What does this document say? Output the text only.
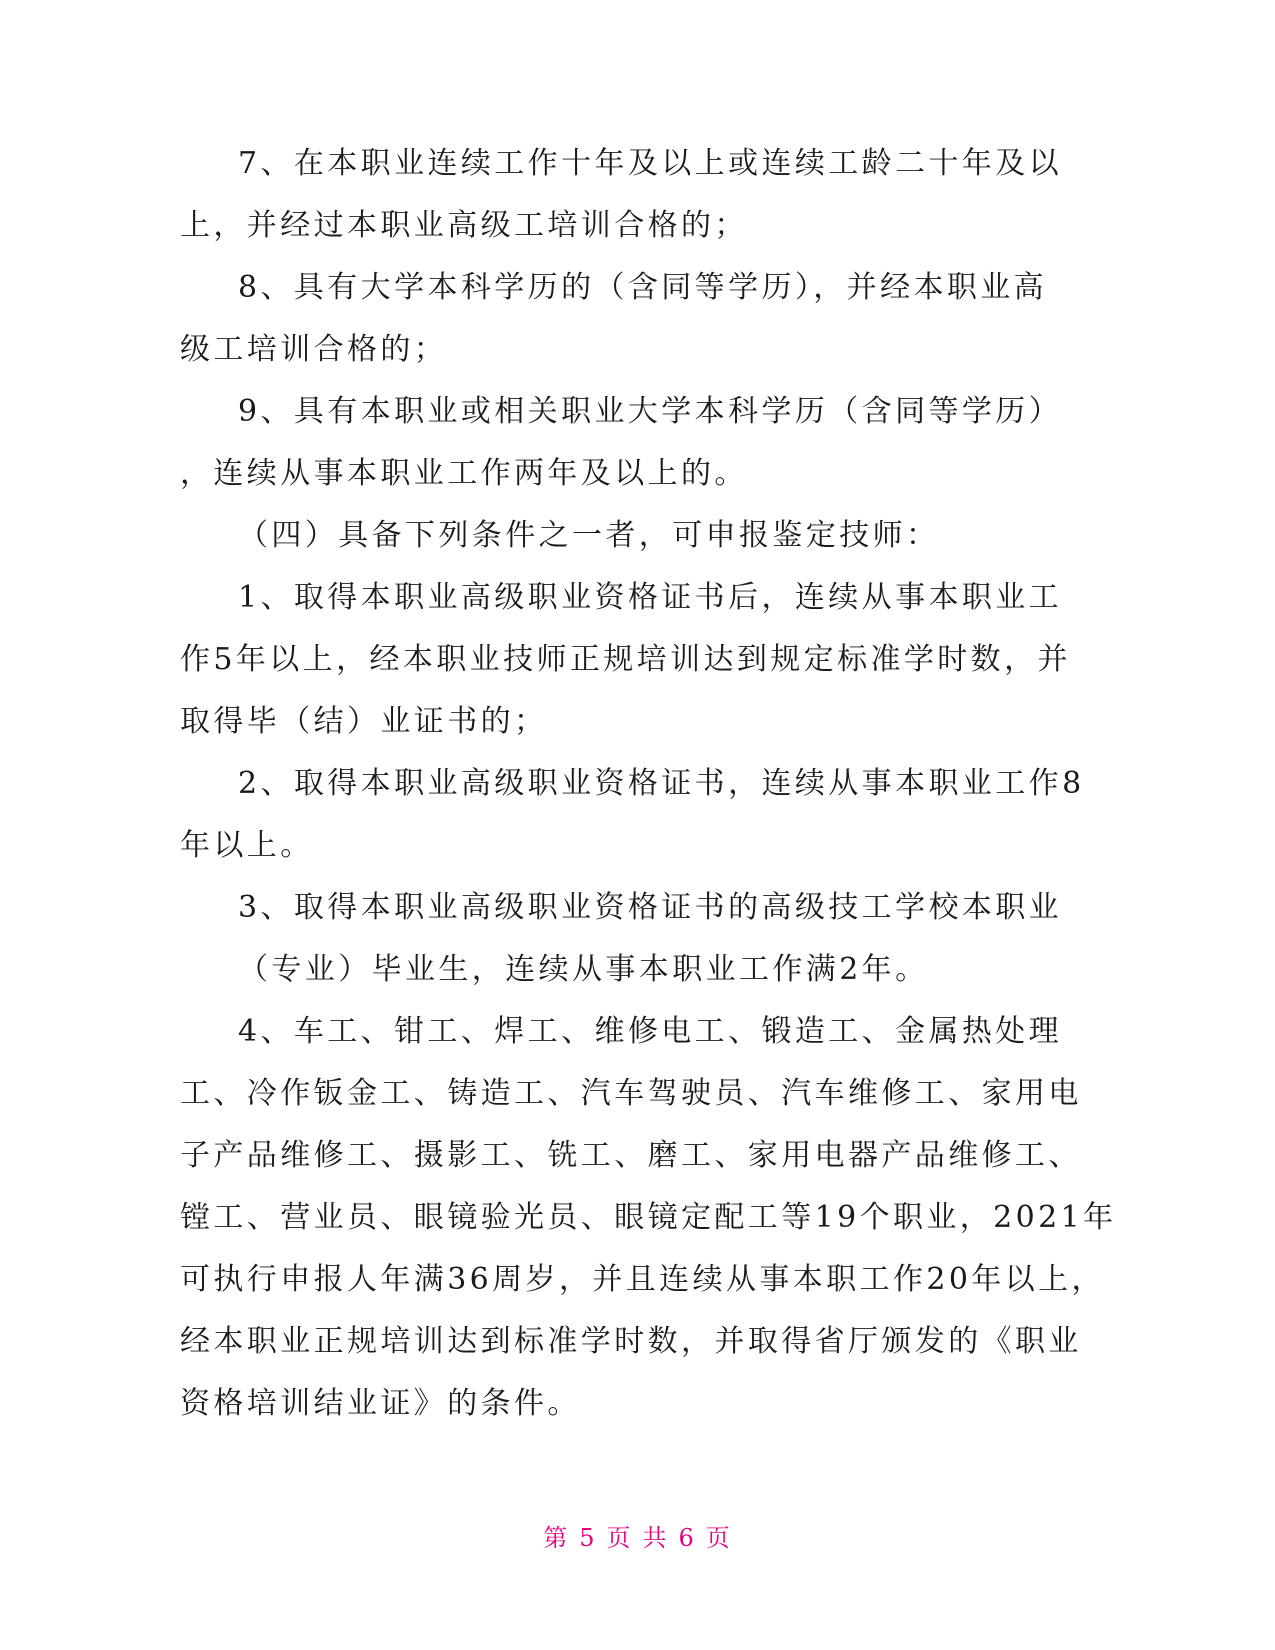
7、在本职业连续工作十年及以上或连续工龄二十年及以
上，并经过本职业高级工培训合格的；
8、具有大学本科学历的（含同等学历），并经本职业高
级工培训合格的；
9、具有本职业或相关职业大学本科学历（含同等学历）
，连续从事本职业工作两年及以上的。
（四）具备下列条件之一者，可申报鉴定技师：
1、取得本职业高级职业资格证书后，连续从事本职业工
作5年以上，经本职业技师正规培训达到规定标准学时数，并
取得毕（结）业证书的；
2、取得本职业高级职业资格证书，连续从事本职业工作8
年以上。
3、取得本职业高级职业资格证书的高级技工学校本职业
（专业）毕业生，连续从事本职业工作满2年。
4、车工、钳工、焊工、维修电工、锻造工、金属热处理
工、冷作钣金工、铸造工、汽车驾驶员、汽车维修工、家用电
子产品维修工、摄影工、铣工、磨工、家用电器产品维修工、
镗工、营业员、眼镜验光员、眼镜定配工等19个职业，2021年
可执行申报人年满36周岁，并且连续从事本职工作20年以上，
经本职业正规培训达到标准学时数，并取得省厅颁发的《职业
资格培训结业证》的条件。
第 5 页 共 6 页
